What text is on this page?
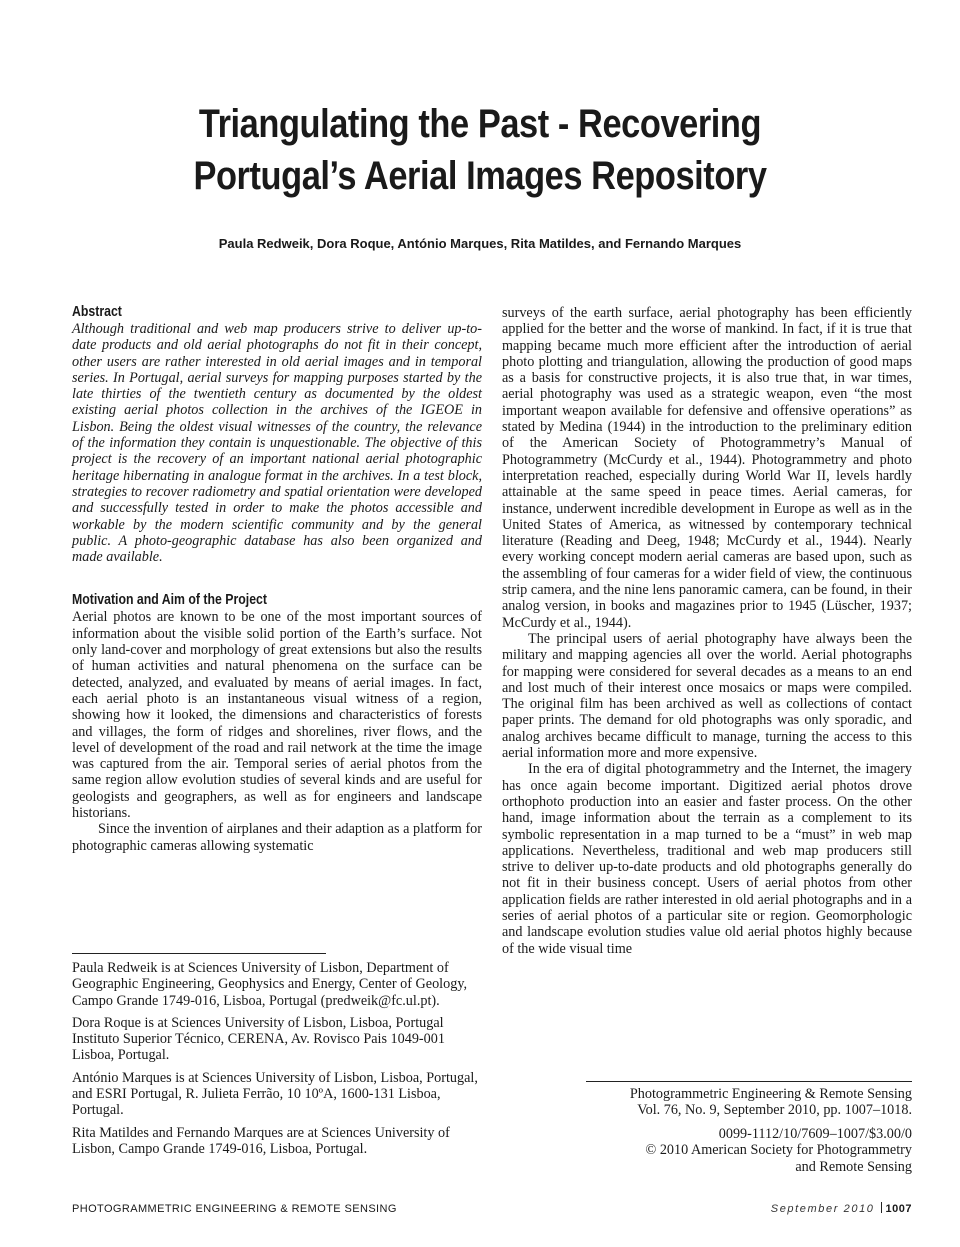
Triangulating the Past - Recovering
Portugal’s Aerial Images Repository
Paula Redweik, Dora Roque, António Marques, Rita Matildes, and Fernando Marques
Abstract

Although traditional and web map producers strive to deliver up-to-date products and old aerial photographs do not fit in their concept, other users are rather interested in old aerial images and in temporal series. In Portugal, aerial surveys for mapping purposes started by the late thirties of the twentieth century as documented by the oldest existing aerial photos collection in the archives of the IGEOE in Lisbon. Being the oldest visual witnesses of the country, the relevance of the information they contain is unquestionable. The objective of this project is the recovery of an important national aerial photographic heritage hibernating in analogue format in the archives. In a test block, strategies to recover radiometry and spatial orientation were developed and successfully tested in order to make the photos accessible and workable by the modern scientific community and by the general public. A photo-geographic database has also been organized and made available.

Motivation and Aim of the Project

Aerial photos are known to be one of the most important sources of information about the visible solid portion of the Earth’s surface. Not only land-cover and morphology of great extensions but also the results of human activities and natural phenomena on the surface can be detected, analyzed, and evaluated by means of aerial images. In fact, each aerial photo is an instantaneous visual witness of a region, showing how it looked, the dimensions and characteristics of forests and villages, the form of ridges and shorelines, river flows, and the level of development of the road and rail network at the time the image was captured from the air. Temporal series of aerial photos from the same region allow evolution studies of several kinds and are useful for geologists and geographers, as well as for engineers and landscape historians.

Since the invention of airplanes and their adaption as a platform for photographic cameras allowing systematic

Paula Redweik is at Sciences University of Lisbon, Department of Geographic Engineering, Geophysics and Energy, Center of Geology, Campo Grande 1749-016, Lisboa, Portugal (predweik@fc.ul.pt).

Dora Roque is at Sciences University of Lisbon, Lisboa, Portugal Instituto Superior Técnico, CERENA, Av. Rovisco Pais 1049-001 Lisboa, Portugal.

António Marques is at Sciences University of Lisbon, Lisboa, Portugal, and ESRI Portugal, R. Julieta Ferrão, 10 10ºA, 1600-131 Lisboa, Portugal.

Rita Matildes and Fernando Marques are at Sciences University of Lisbon, Campo Grande 1749-016, Lisboa, Portugal.

surveys of the earth surface, aerial photography has been efficiently applied for the better and the worse of mankind. In fact, if it is true that mapping became much more efficient after the introduction of aerial photo plotting and triangulation, allowing the production of good maps as a basis for constructive projects, it is also true that, in war times, aerial photography was used as a strategic weapon, even “the most important weapon available for defensive and offensive operations” as stated by Medina (1944) in the introduction to the preliminary edition of the American Society of Photogrammetry’s Manual of Photogrammetry (McCurdy et al., 1944). Photogrammetry and photo interpretation reached, especially during World War II, levels hardly attainable at the same speed in peace times. Aerial cameras, for instance, underwent incredible development in Europe as well as in the United States of America, as witnessed by contemporary technical literature (Reading and Deeg, 1948; McCurdy et al., 1944). Nearly every working concept modern aerial cameras are based upon, such as the assembling of four cameras for a wider field of view, the continuous strip camera, and the nine lens panoramic camera, can be found, in their analog version, in books and magazines prior to 1945 (Lüscher, 1937; McCurdy et al., 1944).

The principal users of aerial photography have always been the military and mapping agencies all over the world. Aerial photographs for mapping were considered for several decades as a means to an end and lost much of their interest once mosaics or maps were compiled. The original film has been archived as well as collections of contact paper prints. The demand for old photographs was only sporadic, and analog archives became difficult to manage, turning the access to this aerial information more and more expensive.

In the era of digital photogrammetry and the Internet, the imagery has once again become important. Digitized aerial photos drove orthophoto production into an easier and faster process. On the other hand, image information about the terrain as a complement to its symbolic representation in a map turned to be a “must” in web map applications. Nevertheless, traditional and web map producers still strive to deliver up-to-date products and old photographs generally do not fit in their business concept. Users of aerial photos from other application fields are rather interested in old aerial photographs and in a series of aerial photos of a particular site or region. Geomorphologic and landscape evolution studies value old aerial photos highly because of the wide visual time

Photogrammetric Engineering & Remote Sensing

Vol. 76, No. 9, September 2010, pp. 1007–1018.

0099-1112/10/7609–1007/$3.00/0

© 2010 American Society for Photogrammetry

and Remote Sensing

PHOTOGRAMMETRIC ENGINEERING & REMOTE SENSING	September 2010 1007
